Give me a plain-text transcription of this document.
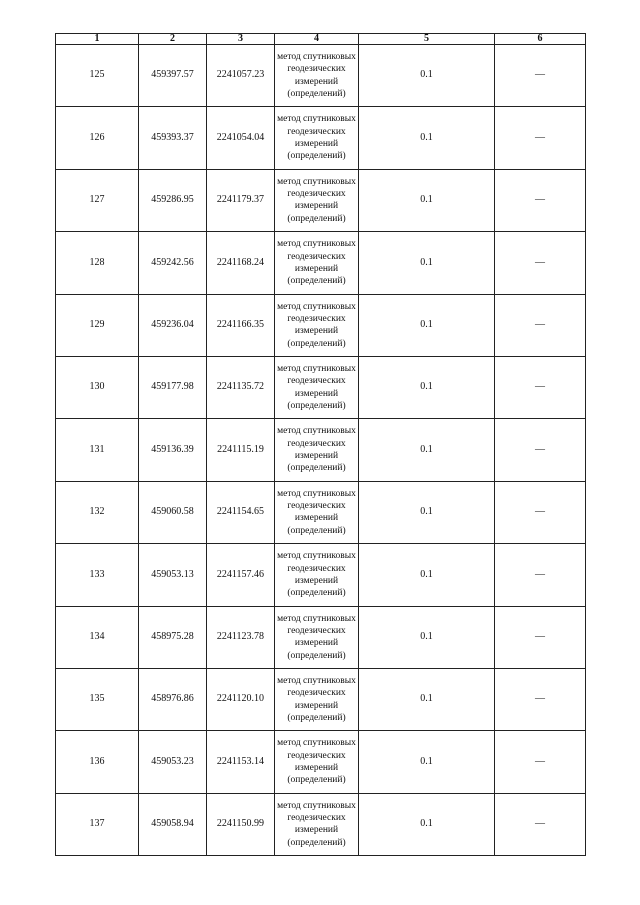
1	2	3	4	5	6
125	459397.57	2241057.23	метод спутниковых геодезических измерений (определений)	0.1	—
126	459393.37	2241054.04	метод спутниковых геодезических измерений (определений)	0.1	—
127	459286.95	2241179.37	метод спутниковых геодезических измерений (определений)	0.1	—
128	459242.56	2241168.24	метод спутниковых геодезических измерений (определений)	0.1	—
129	459236.04	2241166.35	метод спутниковых геодезических измерений (определений)	0.1	—
130	459177.98	2241135.72	метод спутниковых геодезических измерений (определений)	0.1	—
131	459136.39	2241115.19	метод спутниковых геодезических измерений (определений)	0.1	—
132	459060.58	2241154.65	метод спутниковых геодезических измерений (определений)	0.1	—
133	459053.13	2241157.46	метод спутниковых геодезических измерений (определений)	0.1	—
134	458975.28	2241123.78	метод спутниковых геодезических измерений (определений)	0.1	—
135	458976.86	2241120.10	метод спутниковых геодезических измерений (определений)	0.1	—
136	459053.23	2241153.14	метод спутниковых геодезических измерений (определений)	0.1	—
137	459058.94	2241150.99	метод спутниковых геодезических измерений (определений)	0.1	—
